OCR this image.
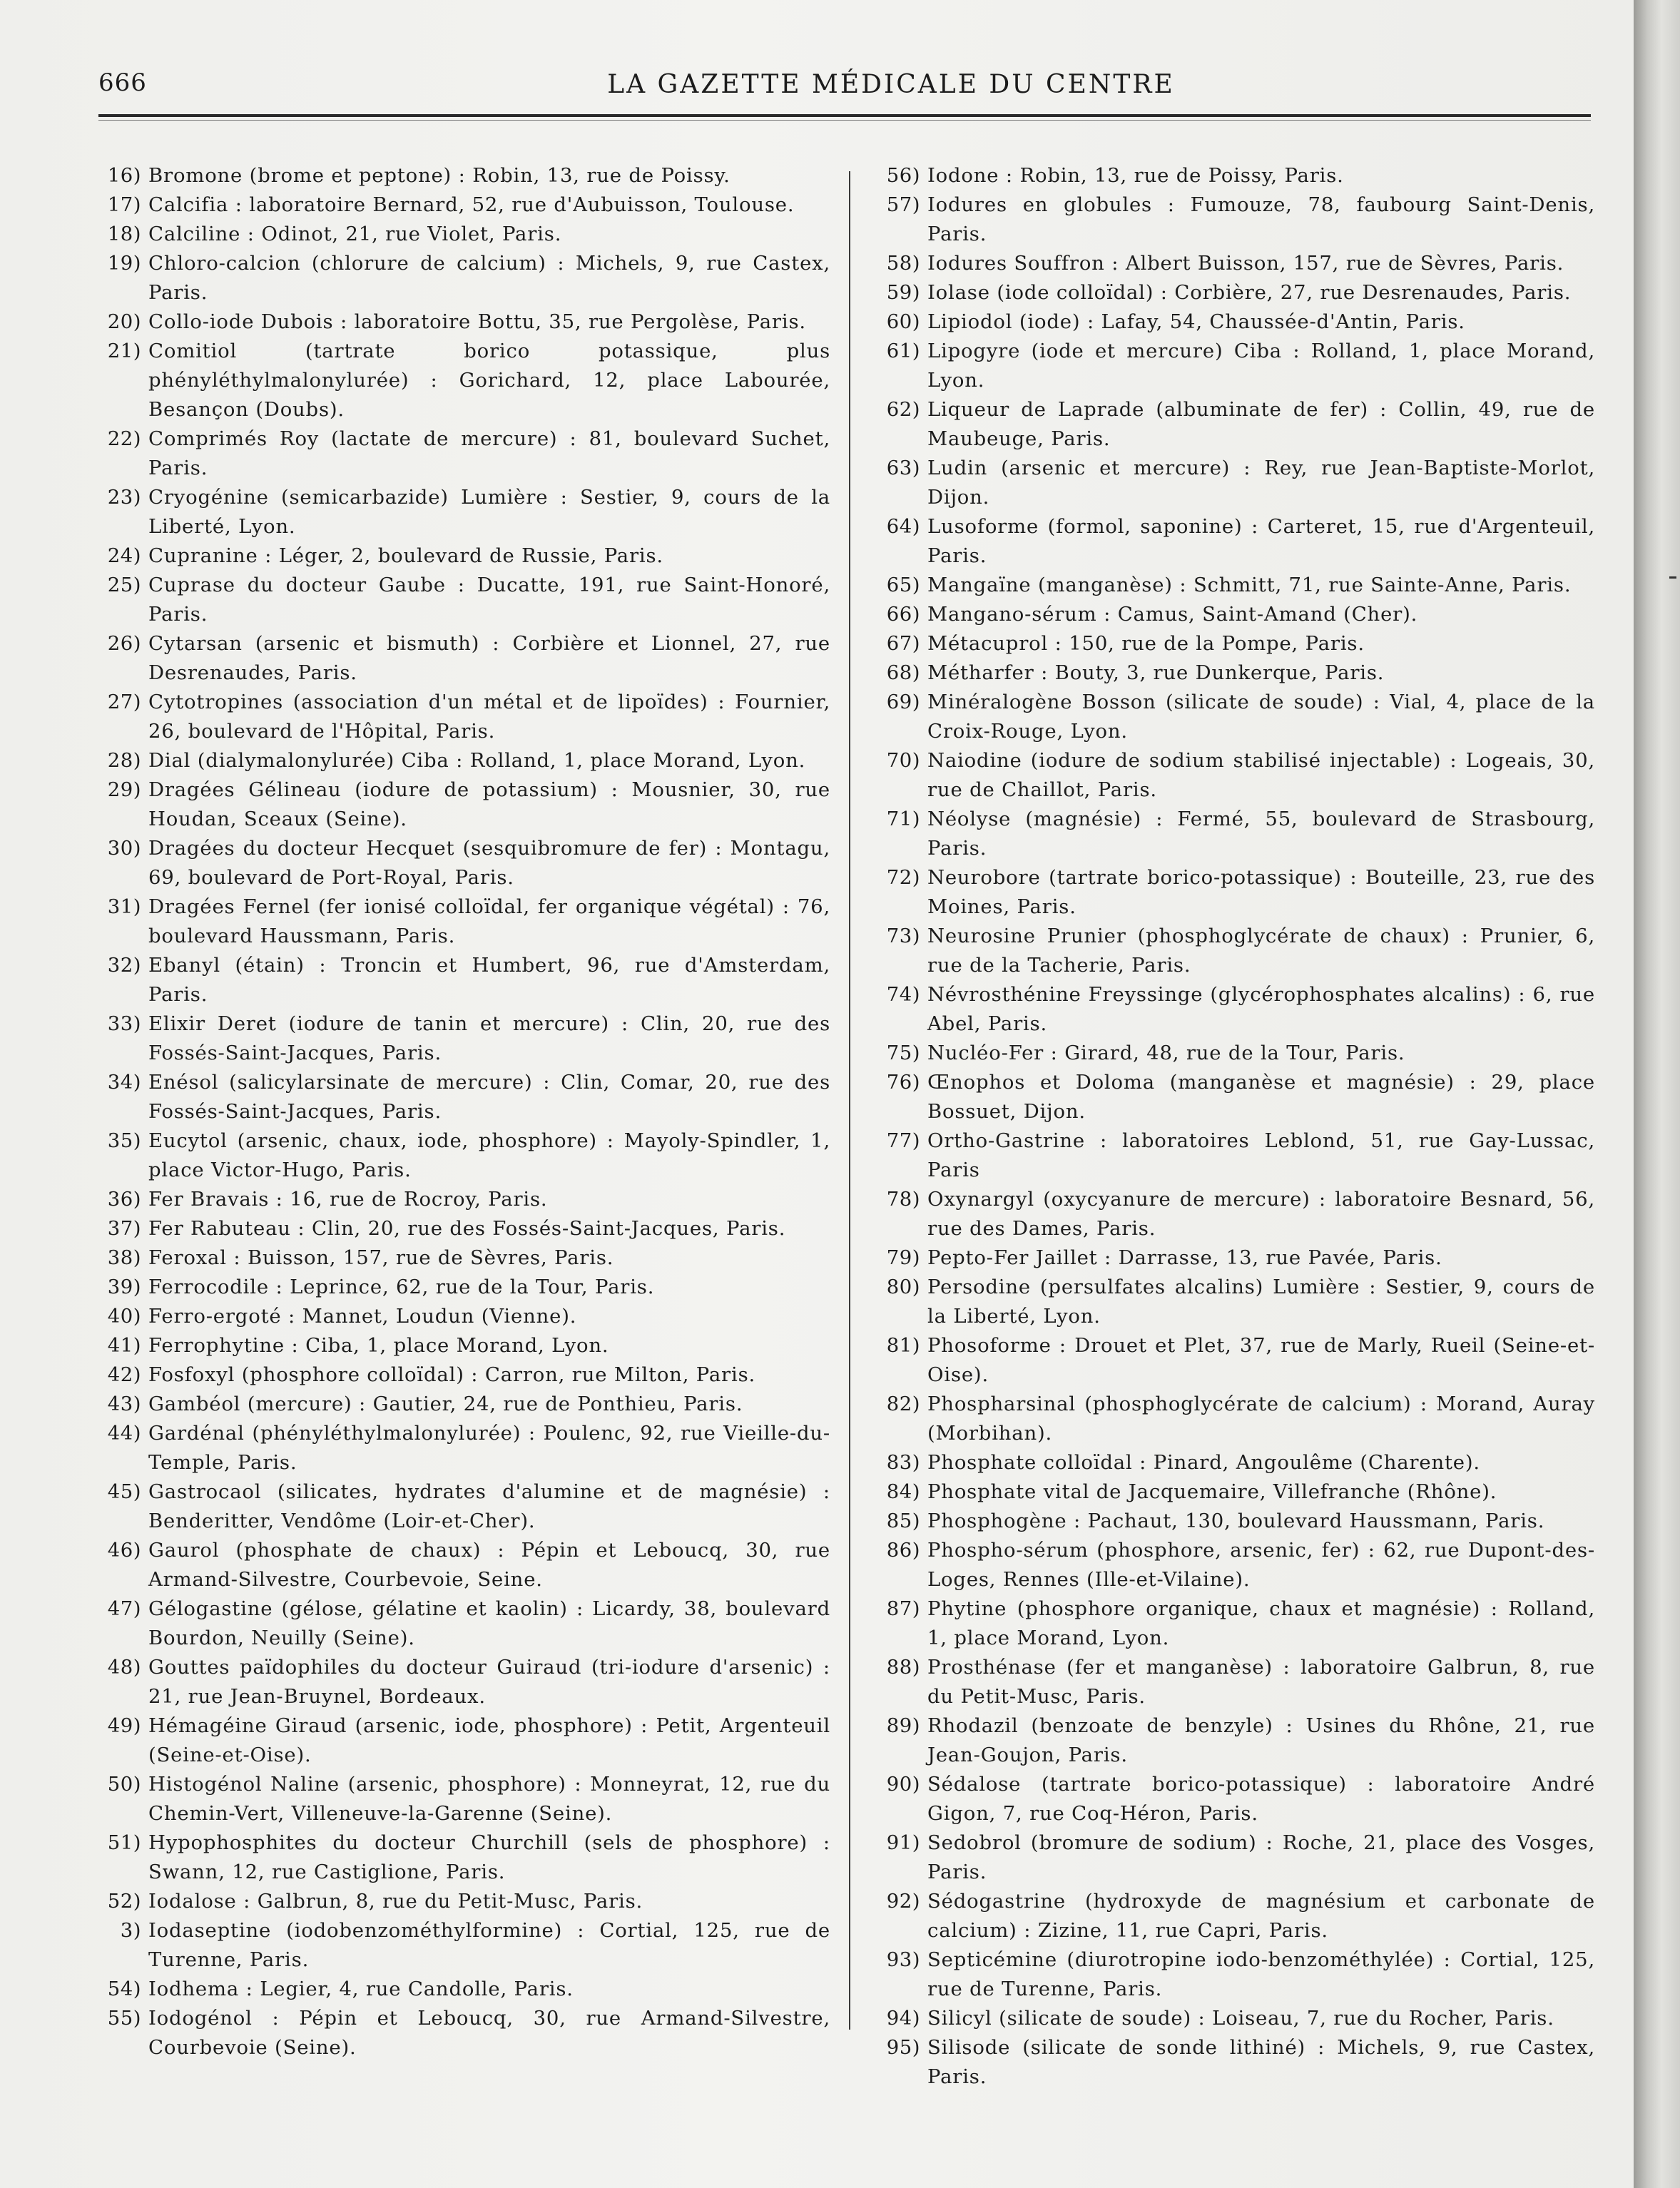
666	LA GAZETTE MÉDICALE DU CENTRE
16) Bromone (brome et peptone) : Robin, 13, rue de Poissy.
17) Calcifia : laboratoire Bernard, 52, rue d'Aubuisson, Toulouse.
18) Calciline : Odinot, 21, rue Violet, Paris.
19) Chloro-calcion (chlorure de calcium) : Michels, 9, rue Castex, Paris.
20) Collo-iode Dubois : laboratoire Bottu, 35, rue Pergolèse, Paris.
21) Comitiol (tartrate borico potassique, plus phényléthylmalonylurée) : Gorichard, 12, place Labourée, Besançon (Doubs).
22) Comprimés Roy (lactate de mercure) : 81, boulevard Suchet, Paris.
23) Cryogénine (semicarbazide) Lumière : Sestier, 9, cours de la Liberté, Lyon.
24) Cupranine : Léger, 2, boulevard de Russie, Paris.
25) Cuprase du docteur Gaube : Ducatte, 191, rue Saint-Honoré, Paris.
26) Cytarsan (arsenic et bismuth) : Corbière et Lionnel, 27, rue Desrenaudes, Paris.
27) Cytotropines (association d'un métal et de lipoïdes) : Fournier, 26, boulevard de l'Hôpital, Paris.
28) Dial (dialymalonylurée) Ciba : Rolland, 1, place Morand, Lyon.
29) Dragées Gélineau (iodure de potassium) : Mousnier, 30, rue Houdan, Sceaux (Seine).
30) Dragées du docteur Hecquet (sesquibromure de fer) : Montagu, 69, boulevard de Port-Royal, Paris.
31) Dragées Fernel (fer ionisé colloïdal, fer organique végétal) : 76, boulevard Haussmann, Paris.
32) Ebanyl (étain) : Troncin et Humbert, 96, rue d'Amsterdam, Paris.
33) Elixir Deret (iodure de tanin et mercure) : Clin, 20, rue des Fossés-Saint-Jacques, Paris.
34) Enésol (salicylarsinate de mercure) : Clin, Comar, 20, rue des Fossés-Saint-Jacques, Paris.
35) Eucytol (arsenic, chaux, iode, phosphore) : Mayoly-Spindler, 1, place Victor-Hugo, Paris.
36) Fer Bravais : 16, rue de Rocroy, Paris.
37) Fer Rabuteau : Clin, 20, rue des Fossés-Saint-Jacques, Paris.
38) Feroxal : Buisson, 157, rue de Sèvres, Paris.
39) Ferrocodile : Leprince, 62, rue de la Tour, Paris.
40) Ferro-ergoté : Mannet, Loudun (Vienne).
41) Ferrophytine : Ciba, 1, place Morand, Lyon.
42) Fosfoxyl (phosphore colloïdal) : Carron, rue Milton, Paris.
43) Gambéol (mercure) : Gautier, 24, rue de Ponthieu, Paris.
44) Gardénal (phényléthylmalonylurée) : Poulenc, 92, rue Vieille-du-Temple, Paris.
45) Gastrocaol (silicates, hydrates d'alumine et de magnésie) : Benderitter, Vendôme (Loir-et-Cher).
46) Gaurol (phosphate de chaux) : Pépin et Leboucq, 30, rue Armand-Silvestre, Courbevoie, Seine.
47) Gélogastine (gélose, gélatine et kaolin) : Licardy, 38, boulevard Bourdon, Neuilly (Seine).
48) Gouttes païdophiles du docteur Guiraud (tri-iodure d'arsenic) : 21, rue Jean-Bruynel, Bordeaux.
49) Hémagéine Giraud (arsenic, iode, phosphore) : Petit, Argenteuil (Seine-et-Oise).
50) Histogénol Naline (arsenic, phosphore) : Monneyrat, 12, rue du Chemin-Vert, Villeneuve-la-Garenne (Seine).
51) Hypophosphites du docteur Churchill (sels de phosphore) : Swann, 12, rue Castiglione, Paris.
52) Iodalose : Galbrun, 8, rue du Petit-Musc, Paris.
3) Iodaseptine (iodobenzométhylformine) : Cortial, 125, rue de Turenne, Paris.
54) Iodhema : Legier, 4, rue Candolle, Paris.
55) Iodogénol : Pépin et Leboucq, 30, rue Armand-Silvestre, Courbevoie (Seine).
56) Iodone : Robin, 13, rue de Poissy, Paris.
57) Iodures en globules : Fumouze, 78, faubourg Saint-Denis, Paris.
58) Iodures Souffron : Albert Buisson, 157, rue de Sèvres, Paris.
59) Iolase (iode colloïdal) : Corbière, 27, rue Desrenaudes, Paris.
60) Lipiodol (iode) : Lafay, 54, Chaussée-d'Antin, Paris.
61) Lipogyre (iode et mercure) Ciba : Rolland, 1, place Morand, Lyon.
62) Liqueur de Laprade (albuminate de fer) : Collin, 49, rue de Maubeuge, Paris.
63) Ludin (arsenic et mercure) : Rey, rue Jean-Baptiste-Morlot, Dijon.
64) Lusoforme (formol, saponine) : Carteret, 15, rue d'Argenteuil, Paris.
65) Mangaïne (manganèse) : Schmitt, 71, rue Sainte-Anne, Paris.
66) Mangano-sérum : Camus, Saint-Amand (Cher).
67) Métacuprol : 150, rue de la Pompe, Paris.
68) Métharfer : Bouty, 3, rue Dunkerque, Paris.
69) Minéralogène Bosson (silicate de soude) : Vial, 4, place de la Croix-Rouge, Lyon.
70) Naiodine (iodure de sodium stabilisé injectable) : Logeais, 30, rue de Chaillot, Paris.
71) Néolyse (magnésie) : Fermé, 55, boulevard de Strasbourg, Paris.
72) Neurobore (tartrate borico-potassique) : Bouteille, 23, rue des Moines, Paris.
73) Neurosine Prunier (phosphoglycérate de chaux) : Prunier, 6, rue de la Tacherie, Paris.
74) Névrosthénine Freyssinge (glycérophosphates alcalins) : 6, rue Abel, Paris.
75) Nucléo-Fer : Girard, 48, rue de la Tour, Paris.
76) Œnophos et Doloma (manganèse et magnésie) : 29, place Bossuet, Dijon.
77) Ortho-Gastrine : laboratoires Leblond, 51, rue Gay-Lussac, Paris
78) Oxynargyl (oxycyanure de mercure) : laboratoire Besnard, 56, rue des Dames, Paris.
79) Pepto-Fer Jaillet : Darrasse, 13, rue Pavée, Paris.
80) Persodine (persulfates alcalins) Lumière : Sestier, 9, cours de la Liberté, Lyon.
81) Phosoforme : Drouet et Plet, 37, rue de Marly, Rueil (Seine-et-Oise).
82) Phospharsinal (phosphoglycérate de calcium) : Morand, Auray (Morbihan).
83) Phosphate colloïdal : Pinard, Angoulême (Charente).
84) Phosphate vital de Jacquemaire, Villefranche (Rhône).
85) Phosphogène : Pachaut, 130, boulevard Haussmann, Paris.
86) Phospho-sérum (phosphore, arsenic, fer) : 62, rue Dupont-des-Loges, Rennes (Ille-et-Vilaine).
87) Phytine (phosphore organique, chaux et magnésie) : Rolland, 1, place Morand, Lyon.
88) Prosthénase (fer et manganèse) : laboratoire Galbrun, 8, rue du Petit-Musc, Paris.
89) Rhodazil (benzoate de benzyle) : Usines du Rhône, 21, rue Jean-Goujon, Paris.
90) Sédalose (tartrate borico-potassique) : laboratoire André Gigon, 7, rue Coq-Héron, Paris.
91) Sedobrol (bromure de sodium) : Roche, 21, place des Vosges, Paris.
92) Sédogastrine (hydroxyde de magnésium et carbonate de calcium) : Zizine, 11, rue Capri, Paris.
93) Septicémine (diurotropine iodo-benzométhylée) : Cortial, 125, rue de Turenne, Paris.
94) Silicyl (silicate de soude) : Loiseau, 7, rue du Rocher, Paris.
95) Silisode (silicate de sonde lithiné) : Michels, 9, rue Castex, Paris.
